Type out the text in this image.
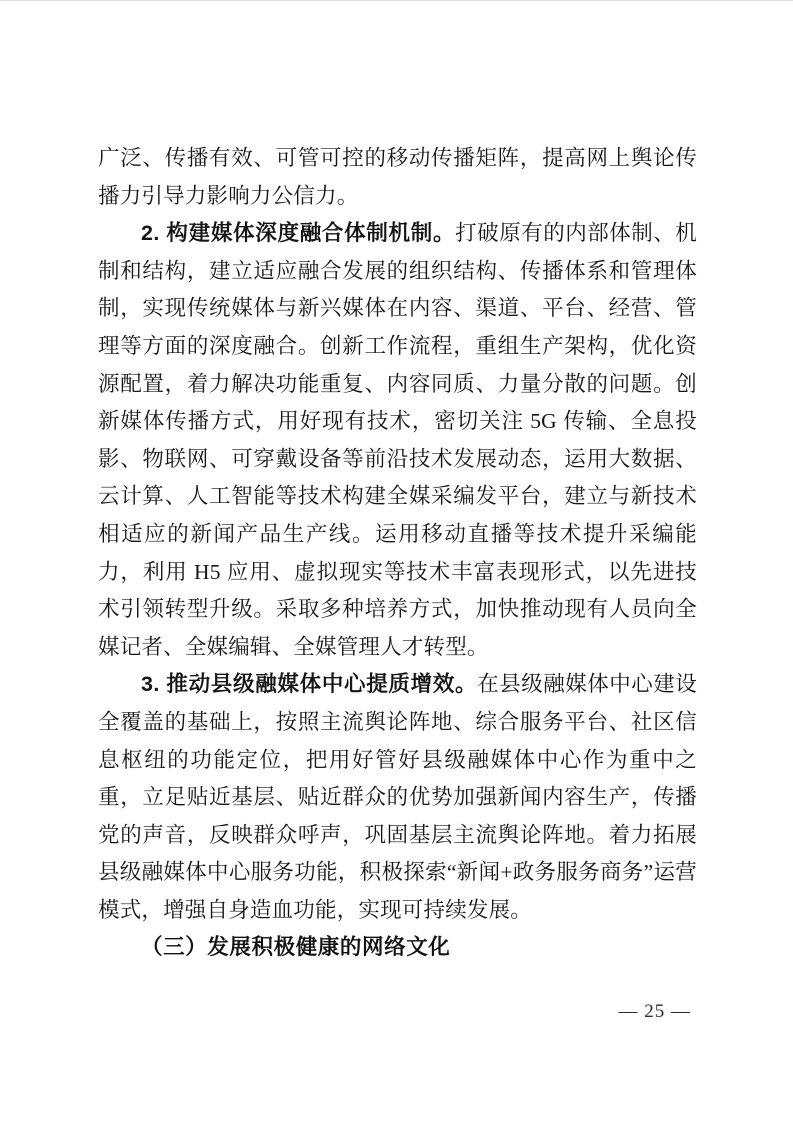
广泛、传播有效、可管可控的移动传播矩阵，提高网上舆论传播力引导力影响力公信力。

2. 构建媒体深度融合体制机制。打破原有的内部体制、机制和结构，建立适应融合发展的组织结构、传播体系和管理体制，实现传统媒体与新兴媒体在内容、渠道、平台、经营、管理等方面的深度融合。创新工作流程，重组生产架构，优化资源配置，着力解决功能重复、内容同质、力量分散的问题。创新媒体传播方式，用好现有技术，密切关注 5G 传输、全息投影、物联网、可穿戴设备等前沿技术发展动态，运用大数据、云计算、人工智能等技术构建全媒采编发平台，建立与新技术相适应的新闻产品生产线。运用移动直播等技术提升采编能力，利用 H5 应用、虚拟现实等技术丰富表现形式，以先进技术引领转型升级。采取多种培养方式，加快推动现有人员向全媒记者、全媒编辑、全媒管理人才转型。

3. 推动县级融媒体中心提质增效。在县级融媒体中心建设全覆盖的基础上，按照主流舆论阵地、综合服务平台、社区信息枢纽的功能定位，把用好管好县级融媒体中心作为重中之重，立足贴近基层、贴近群众的优势加强新闻内容生产，传播党的声音，反映群众呼声，巩固基层主流舆论阵地。着力拓展县级融媒体中心服务功能，积极探索“新闻+政务服务商务”运营模式，增强自身造血功能，实现可持续发展。

（三）发展积极健康的网络文化
— 25 —
